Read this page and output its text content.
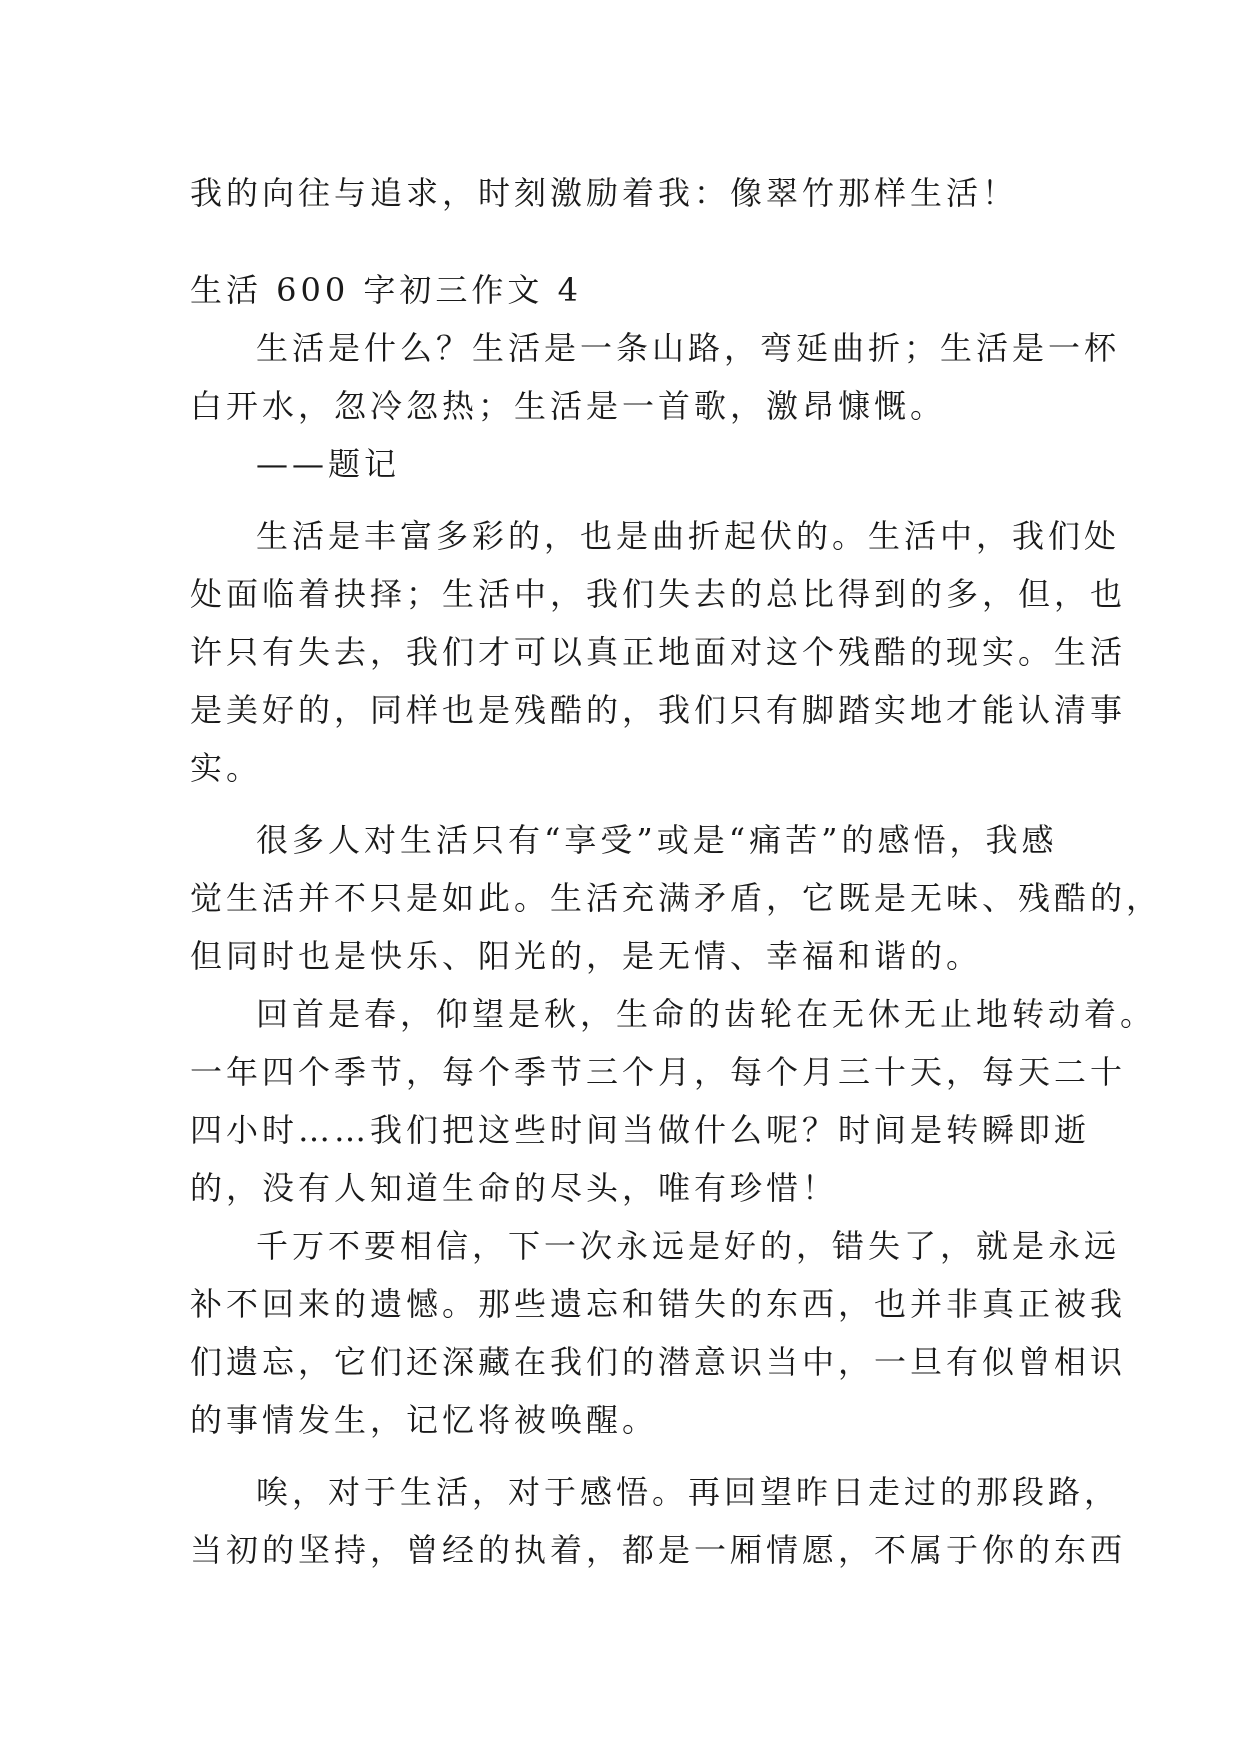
我的向往与追求，时刻激励着我：像翠竹那样生活！
生活 600 字初三作文 4
生活是什么？生活是一条山路，弯延曲折；生活是一杯
白开水，忽冷忽热；生活是一首歌，激昂慷慨。
——题记
生活是丰富多彩的，也是曲折起伏的。生活中，我们处
处面临着抉择；生活中，我们失去的总比得到的多，但，也
许只有失去，我们才可以真正地面对这个残酷的现实。生活
是美好的，同样也是残酷的，我们只有脚踏实地才能认清事
实。
很多人对生活只有“享受”或是“痛苦”的感悟，我感
觉生活并不只是如此。生活充满矛盾，它既是无味、残酷的，
但同时也是快乐、阳光的，是无情、幸福和谐的。
回首是春，仰望是秋，生命的齿轮在无休无止地转动着。
一年四个季节，每个季节三个月，每个月三十天，每天二十
四小时……我们把这些时间当做什么呢？时间是转瞬即逝
的，没有人知道生命的尽头，唯有珍惜！
千万不要相信，下一次永远是好的，错失了，就是永远
补不回来的遗憾。那些遗忘和错失的东西，也并非真正被我
们遗忘，它们还深藏在我们的潜意识当中，一旦有似曾相识
的事情发生，记忆将被唤醒。
唉，对于生活，对于感悟。再回望昨日走过的那段路，
当初的坚持，曾经的执着，都是一厢情愿，不属于你的东西
